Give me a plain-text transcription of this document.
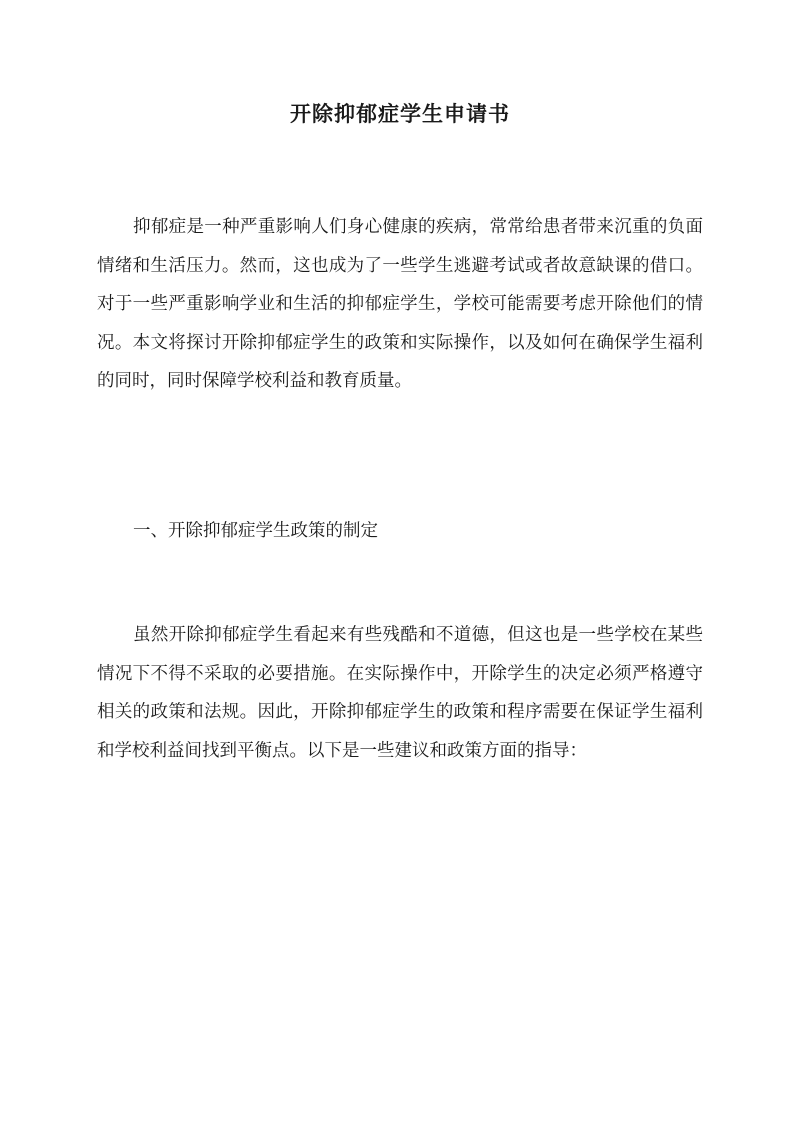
开除抑郁症学生申请书

抑郁症是一种严重影响人们身心健康的疾病，常常给患者带来沉重的负面情绪和生活压力。然而，这也成为了一些学生逃避考试或者故意缺课的借口。对于一些严重影响学业和生活的抑郁症学生，学校可能需要考虑开除他们的情况。本文将探讨开除抑郁症学生的政策和实际操作，以及如何在确保学生福利的同时，同时保障学校利益和教育质量。

一、开除抑郁症学生政策的制定

虽然开除抑郁症学生看起来有些残酷和不道德，但这也是一些学校在某些情况下不得不采取的必要措施。在实际操作中，开除学生的决定必须严格遵守相关的政策和法规。因此，开除抑郁症学生的政策和程序需要在保证学生福利和学校利益间找到平衡点。以下是一些建议和政策方面的指导：
